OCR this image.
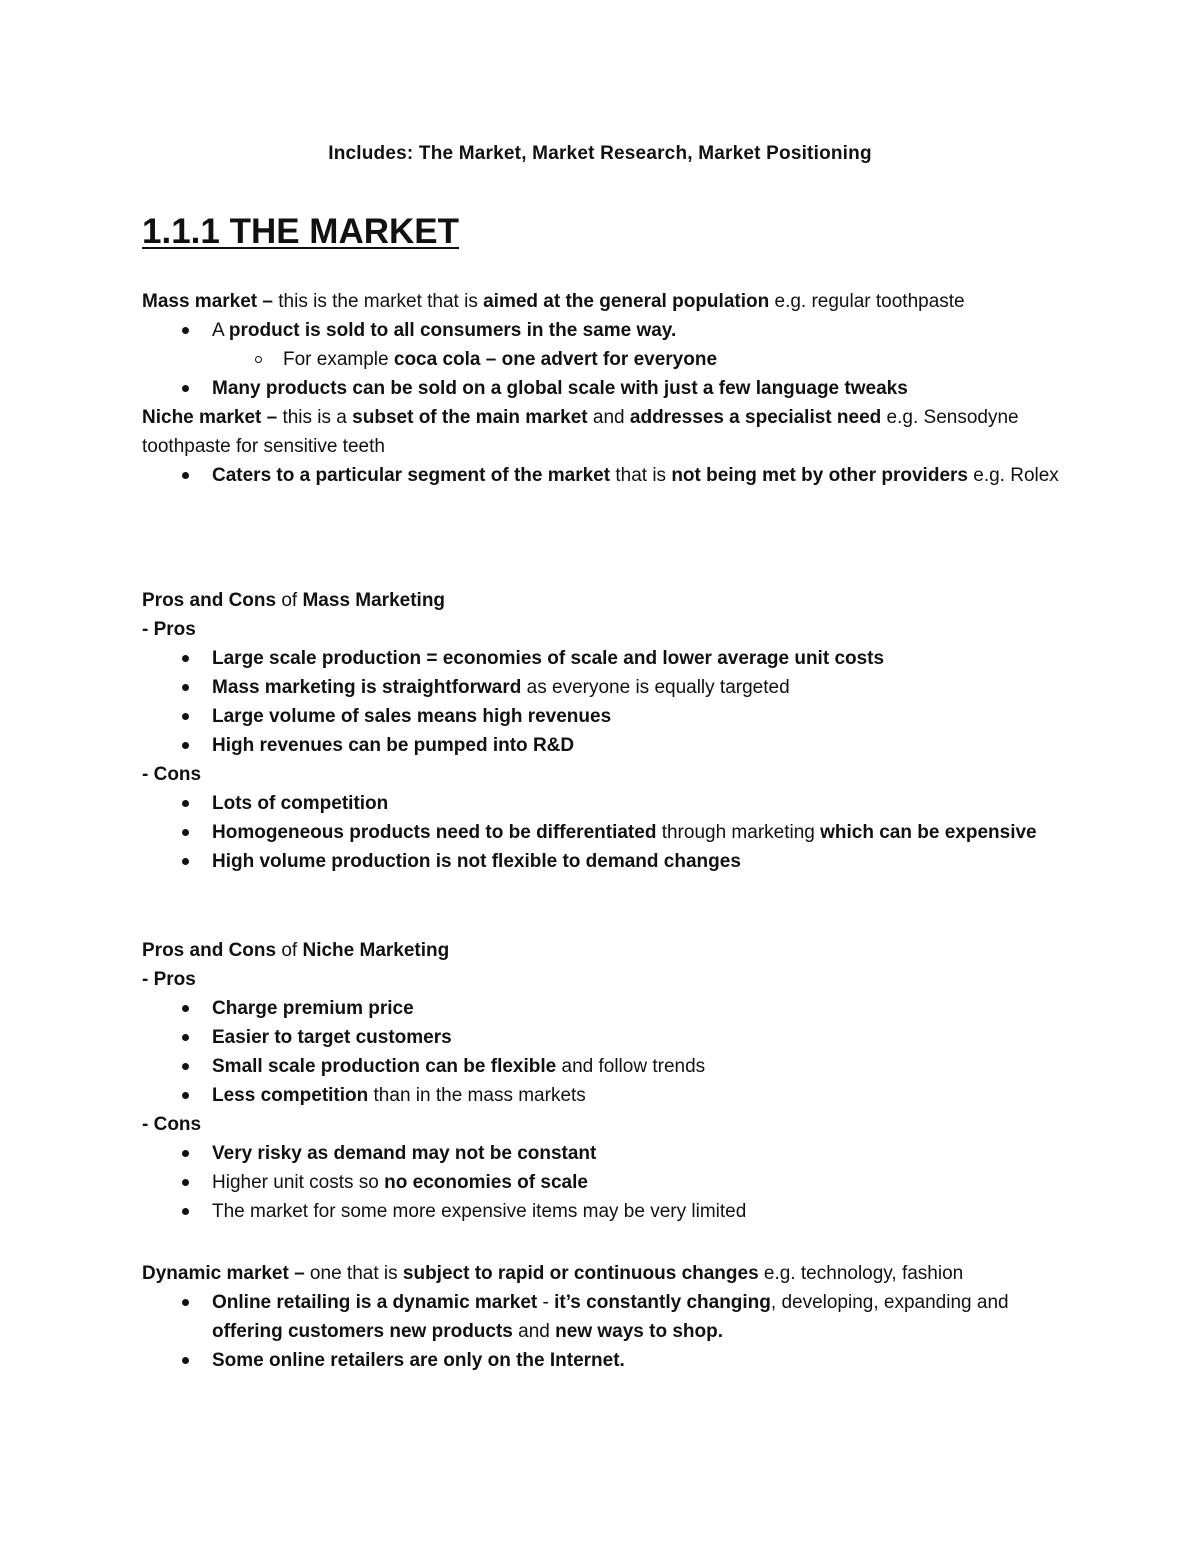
Includes: The Market, Market Research, Market Positioning
1.1.1 THE MARKET

Mass market – this is the market that is aimed at the general population e.g. regular toothpaste

A product is sold to all consumers in the same way.
For example coca cola – one advert for everyone
Many products can be sold on a global scale with just a few language tweaks

Niche market – this is a subset of the main market and addresses a specialist need e.g. Sensodyne toothpaste for sensitive teeth

Caters to a particular segment of the market that is not being met by other providers e.g. Rolex

Pros and Cons of Mass Marketing

- Pros

Large scale production = economies of scale and lower average unit costs
Mass marketing is straightforward as everyone is equally targeted
Large volume of sales means high revenues
High revenues can be pumped into R&D

- Cons

Lots of competition
Homogeneous products need to be differentiated through marketing which can be expensive
High volume production is not flexible to demand changes

Pros and Cons of Niche Marketing

- Pros

Charge premium price
Easier to target customers
Small scale production can be flexible and follow trends
Less competition than in the mass markets

- Cons

Very risky as demand may not be constant
Higher unit costs so no economies of scale
The market for some more expensive items may be very limited

Dynamic market – one that is subject to rapid or continuous changes e.g. technology, fashion

Online retailing is a dynamic market - it’s constantly changing, developing, expanding and offering customers new products and new ways to shop.
Some online retailers are only on the Internet.
